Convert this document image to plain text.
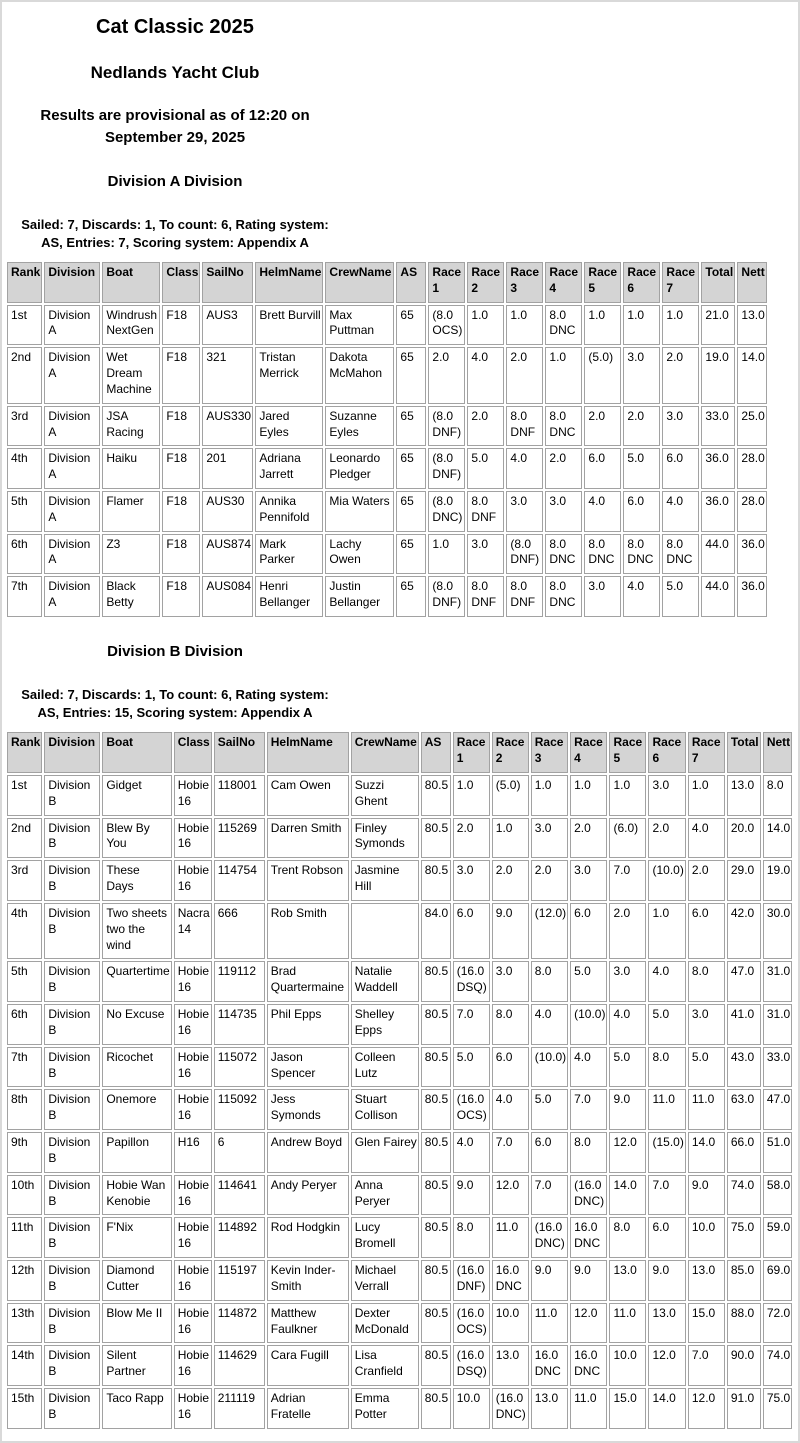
Cat Classic 2025
Nedlands Yacht Club
Results are provisional as of 12:20 on
September 29, 2025
Division A Division
Sailed: 7, Discards: 1, To count: 6, Rating system:
AS, Entries: 7, Scoring system: Appendix A
Rank	Division	Boat	Class	SailNo	HelmName	CrewName	AS	Race 1	Race 2	Race 3	Race 4	Race 5	Race 6	Race 7	Total	Nett
1st	Division A	Windrush NextGen	F18	AUS3	Brett Burvill	Max Puttman	65	(8.0 OCS)	1.0	1.0	8.0 DNC	1.0	1.0	1.0	21.0	13.0
2nd	Division A	Wet Dream Machine	F18	321	Tristan Merrick	Dakota McMahon	65	2.0	4.0	2.0	1.0	(5.0)	3.0	2.0	19.0	14.0
3rd	Division A	JSA Racing	F18	AUS330	Jared Eyles	Suzanne Eyles	65	(8.0 DNF)	2.0	8.0 DNF	8.0 DNC	2.0	2.0	3.0	33.0	25.0
4th	Division A	Haiku	F18	201	Adriana Jarrett	Leonardo Pledger	65	(8.0 DNF)	5.0	4.0	2.0	6.0	5.0	6.0	36.0	28.0
5th	Division A	Flamer	F18	AUS30	Annika Pennifold	Mia Waters	65	(8.0 DNC)	8.0 DNF	3.0	3.0	4.0	6.0	4.0	36.0	28.0
6th	Division A	Z3	F18	AUS874	Mark Parker	Lachy Owen	65	1.0	3.0	(8.0 DNF)	8.0 DNC	8.0 DNC	8.0 DNC	8.0 DNC	44.0	36.0
7th	Division A	Black Betty	F18	AUS084	Henri Bellanger	Justin Bellanger	65	(8.0 DNF)	8.0 DNF	8.0 DNF	8.0 DNC	3.0	4.0	5.0	44.0	36.0
Division B Division
Sailed: 7, Discards: 1, To count: 6, Rating system:
AS, Entries: 15, Scoring system: Appendix A
Rank	Division	Boat	Class	SailNo	HelmName	CrewName	AS	Race 1	Race 2	Race 3	Race 4	Race 5	Race 6	Race 7	Total	Nett
1st	Division B	Gidget	Hobie 16	118001	Cam Owen	Suzzi Ghent	80.5	1.0	(5.0)	1.0	1.0	1.0	3.0	1.0	13.0	8.0
2nd	Division B	Blew By You	Hobie 16	115269	Darren Smith	Finley Symonds	80.5	2.0	1.0	3.0	2.0	(6.0)	2.0	4.0	20.0	14.0
3rd	Division B	These Days	Hobie 16	114754	Trent Robson	Jasmine Hill	80.5	3.0	2.0	2.0	3.0	7.0	(10.0)	2.0	29.0	19.0
4th	Division B	Two sheets two the wind	Nacra 14	666	Rob Smith		84.0	6.0	9.0	(12.0)	6.0	2.0	1.0	6.0	42.0	30.0
5th	Division B	Quartertime	Hobie 16	119112	Brad Quartermaine	Natalie Waddell	80.5	(16.0 DSQ)	3.0	8.0	5.0	3.0	4.0	8.0	47.0	31.0
6th	Division B	No Excuse	Hobie 16	114735	Phil Epps	Shelley Epps	80.5	7.0	8.0	4.0	(10.0)	4.0	5.0	3.0	41.0	31.0
7th	Division B	Ricochet	Hobie 16	115072	Jason Spencer	Colleen Lutz	80.5	5.0	6.0	(10.0)	4.0	5.0	8.0	5.0	43.0	33.0
8th	Division B	Onemore	Hobie 16	115092	Jess Symonds	Stuart Collison	80.5	(16.0 OCS)	4.0	5.0	7.0	9.0	11.0	11.0	63.0	47.0
9th	Division B	Papillon	H16	6	Andrew Boyd	Glen Fairey	80.5	4.0	7.0	6.0	8.0	12.0	(15.0)	14.0	66.0	51.0
10th	Division B	Hobie Wan Kenobie	Hobie 16	114641	Andy Peryer	Anna Peryer	80.5	9.0	12.0	7.0	(16.0 DNC)	14.0	7.0	9.0	74.0	58.0
11th	Division B	F'Nix	Hobie 16	114892	Rod Hodgkin	Lucy Bromell	80.5	8.0	11.0	(16.0 DNC)	16.0 DNC	8.0	6.0	10.0	75.0	59.0
12th	Division B	Diamond Cutter	Hobie 16	115197	Kevin Inder-Smith	Michael Verrall	80.5	(16.0 DNF)	16.0 DNC	9.0	9.0	13.0	9.0	13.0	85.0	69.0
13th	Division B	Blow Me II	Hobie 16	114872	Matthew Faulkner	Dexter McDonald	80.5	(16.0 OCS)	10.0	11.0	12.0	11.0	13.0	15.0	88.0	72.0
14th	Division B	Silent Partner	Hobie 16	114629	Cara Fugill	Lisa Cranfield	80.5	(16.0 DSQ)	13.0	16.0 DNC	16.0 DNC	10.0	12.0	7.0	90.0	74.0
15th	Division B	Taco Rapp	Hobie 16	211119	Adrian Fratelle	Emma Potter	80.5	10.0	(16.0 DNC)	13.0	11.0	15.0	14.0	12.0	91.0	75.0
